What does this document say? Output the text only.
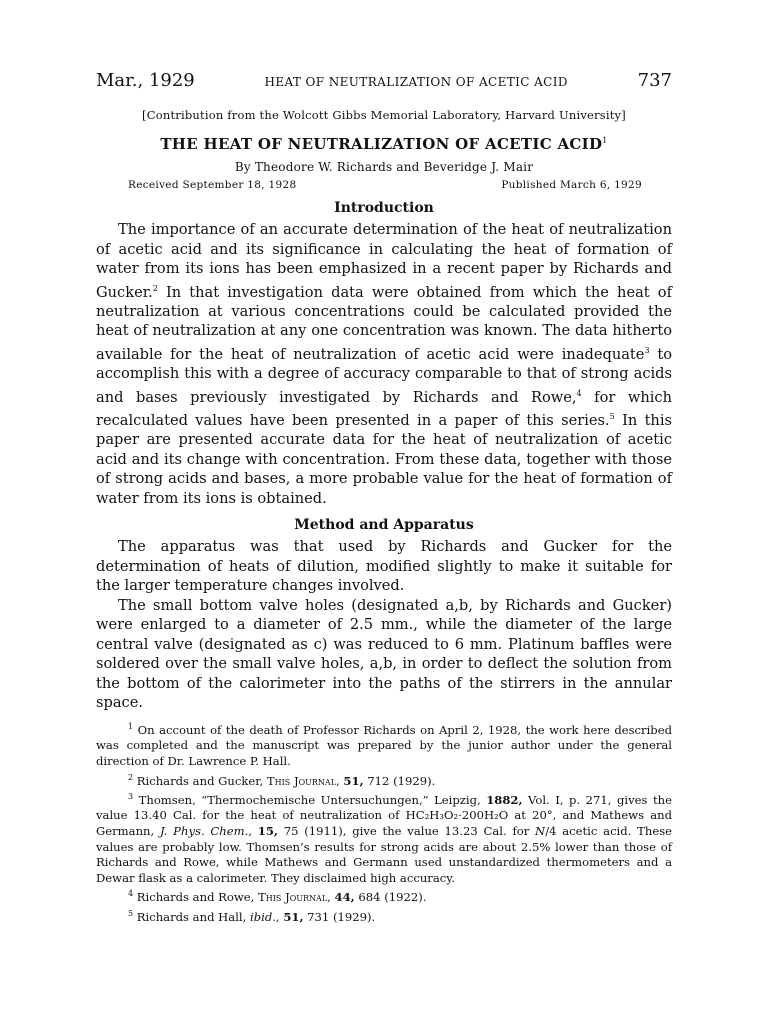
Mar., 1929	HEAT OF NEUTRALIZATION OF ACETIC ACID	737
[Contribution from the Wolcott Gibbs Memorial Laboratory, Harvard University]
THE HEAT OF NEUTRALIZATION OF ACETIC ACID$^1$
By Theodore W. Richards and Beveridge J. Mair
Received September 18, 1928	Published March 6, 1929
Introduction

The importance of an accurate determination of the heat of neutralization of acetic acid and its significance in calculating the heat of formation of water from its ions has been emphasized in a recent paper by Richards and Gucker.$^2$ In that investigation data were obtained from which the heat of neutralization at various concentrations could be calculated provided the heat of neutralization at any one concentration was known. The data hitherto available for the heat of neutralization of acetic acid were inadequate$^3$ to accomplish this with a degree of accuracy comparable to that of strong acids and bases previously investigated by Richards and Rowe,$^4$ for which recalculated values have been presented in a paper of this series.$^5$ In this paper are presented accurate data for the heat of neutralization of acetic acid and its change with concentration. From these data, together with those of strong acids and bases, a more probable value for the heat of formation of water from its ions is obtained.

Method and Apparatus

The apparatus was that used by Richards and Gucker for the determination of heats of dilution, modified slightly to make it suitable for the larger temperature changes involved.

The small bottom valve holes (designated a,b, by Richards and Gucker) were enlarged to a diameter of 2.5 mm., while the diameter of the large central valve (designated as c) was reduced to 6 mm. Platinum baffles were soldered over the small valve holes, a,b, in order to deflect the solution from the bottom of the calorimeter into the paths of the stirrers in the annular space.

$^1$ On account of the death of Professor Richards on April 2, 1928, the work here described was completed and the manuscript was prepared by the junior author under the general direction of Dr. Lawrence P. Hall.

$^2$ Richards and Gucker, This Journal, 51, 712 (1929).

$^3$ Thomsen, “Thermochemische Untersuchungen,” Leipzig, 1882, Vol. I, p. 271, gives the value 13.40 Cal. for the heat of neutralization of HC₂H₃O₂·200H₂O at 20°, and Mathews and Germann, J. Phys. Chem., 15, 75 (1911), give the value 13.23 Cal. for N/4 acetic acid. These values are probably low. Thomsen’s results for strong acids are about 2.5% lower than those of Richards and Rowe, while Mathews and Germann used unstandardized thermometers and a Dewar flask as a calorimeter. They disclaimed high accuracy.

$^4$ Richards and Rowe, This Journal, 44, 684 (1922).

$^5$ Richards and Hall, ibid., 51, 731 (1929).
